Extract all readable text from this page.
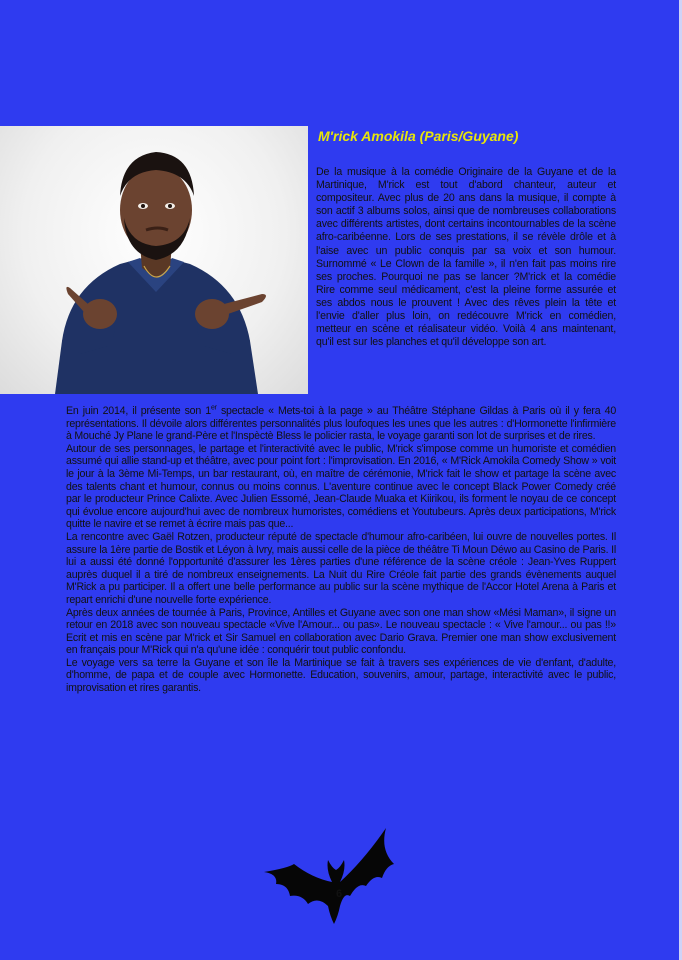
M'rick Amokila (Paris/Guyane)
De la musique à la comédie Originaire de la Guyane et de la Martinique, M'rick est tout d'abord chanteur, auteur et compositeur. Avec plus de 20 ans dans la musique, il compte à son actif 3 albums solos, ainsi que de nombreuses collaborations avec différents artistes, dont certains incontournables de la scène afro-caribéenne. Lors de ses prestations, il se révèle drôle et à l'aise avec un public conquis par sa voix et son humour. Surnommé « Le Clown de la famille », il n'en fait pas moins rire ses proches. Pourquoi ne pas se lancer ?M'rick et la comédie Rire comme seul médicament, c'est la pleine forme assurée et ses abdos nous le prouvent ! Avec des rêves plein la tête et l'envie d'aller plus loin, on redécouvre M'rick en comédien, metteur en scène et réalisateur vidéo. Voilà 4 ans maintenant, qu'il est sur les planches et qu'il développe son art.

En juin 2014, il présente son 1er spectacle « Mets-toi à la page » au Théâtre Stéphane Gildas à Paris où il y fera 40 représentations. Il dévoile alors différentes personnalités plus loufoques les unes que les autres : d'Hormonette l'infirmière à Mouché Jy Plane le grand-Père et l'Inspèctè Bless le policier rasta, le voyage garanti son lot de surprises et de rires.

Autour de ses personnages, le partage et l'interactivité avec le public, M'rick s'impose comme un humoriste et comédien assumé qui allie stand-up et théâtre, avec pour point fort : l'improvisation. En 2016, « M'Rick Amokila Comedy Show » voit le jour à la 3ème Mi-Temps, un bar restaurant, où, en maître de cérémonie, M'rick fait le show et partage la scène avec des talents chant et humour, connus ou moins connus. L'aventure continue avec le concept Black Power Comedy créé par le producteur Prince Calixte. Avec Julien Essomé, Jean-Claude Muaka et Kiirikou, ils forment le noyau de ce concept qui évolue encore aujourd'hui avec de nombreux humoristes, comédiens et Youtubeurs. Après deux participations, M'rick quitte le navire et se remet à écrire mais pas que...

La rencontre avec Gaël Rotzen, producteur réputé de spectacle d'humour afro-caribéen, lui ouvre de nouvelles portes. Il assure la 1ère partie de Bostik et Léyon à Ivry, mais aussi celle de la pièce de théâtre Ti Moun Déwo au Casino de Paris. Il lui a aussi été donné l'opportunité d'assurer les 1ères parties d'une référence de la scène créole : Jean-Yves Ruppert auprès duquel il a tiré de nombreux enseignements. La Nuit du Rire Créole fait partie des grands évènements auquel M'Rick a pu participer. Il a offert une belle performance au public sur la scène mythique de l'Accor Hotel Arena à Paris et repart enrichi d'une nouvelle forte expérience.

Après deux années de tournée à Paris, Province, Antilles et Guyane avec son one man show «Mési Maman», il signe un retour en 2018 avec son nouveau spectacle «Vive l'Amour... ou pas». Le nouveau spectacle : « Vive l'amour... ou pas !!» Ecrit et mis en scène par M'rick et Sir Samuel en collaboration avec Dario Grava. Premier one man show exclusivement en français pour M'Rick qui n'a qu'une idée : conquérir tout public confondu.

Le voyage vers sa terre la Guyane et son île la Martinique se fait à travers ses expériences de vie d'enfant, d'adulte, d'homme, de papa et de couple avec Hormonette. Education, souvenirs, amour, partage, interactivité avec le public, improvisation et rires garantis.

6
